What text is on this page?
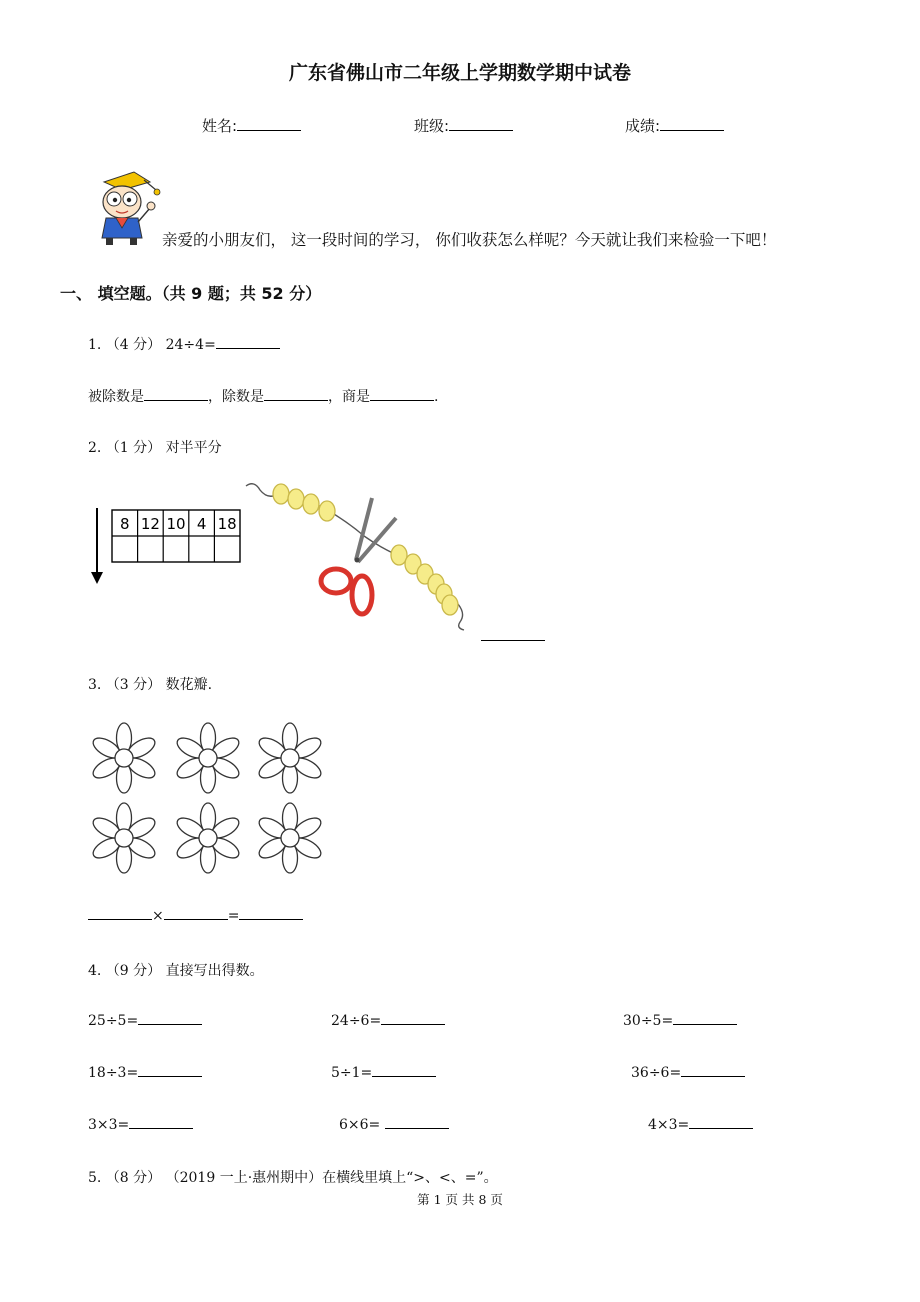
广东省佛山市二年级上学期数学期中试卷
姓名:	班级:	成绩:
亲爱的小朋友们， 这一段时间的学习， 你们收获怎么样呢？今天就让我们来检验一下吧！
一、 填空题。（共 9 题；共 52 分）
1. （4 分） 24÷4=
被除数是	，除数是	，商是	.
2. （1 分） 对半平分
8 12 10 4 18
3. （3 分） 数花瓣.
×	=
4. （9 分） 直接写出得数。
25÷5=	24÷6=	30÷5=
18÷3=	5÷1=	36÷6=
3×3=	6×6=	4×3=
5. （8 分） （2019 一上·惠州期中）在横线里填上“>、<、=”。
第 1 页 共 8 页
